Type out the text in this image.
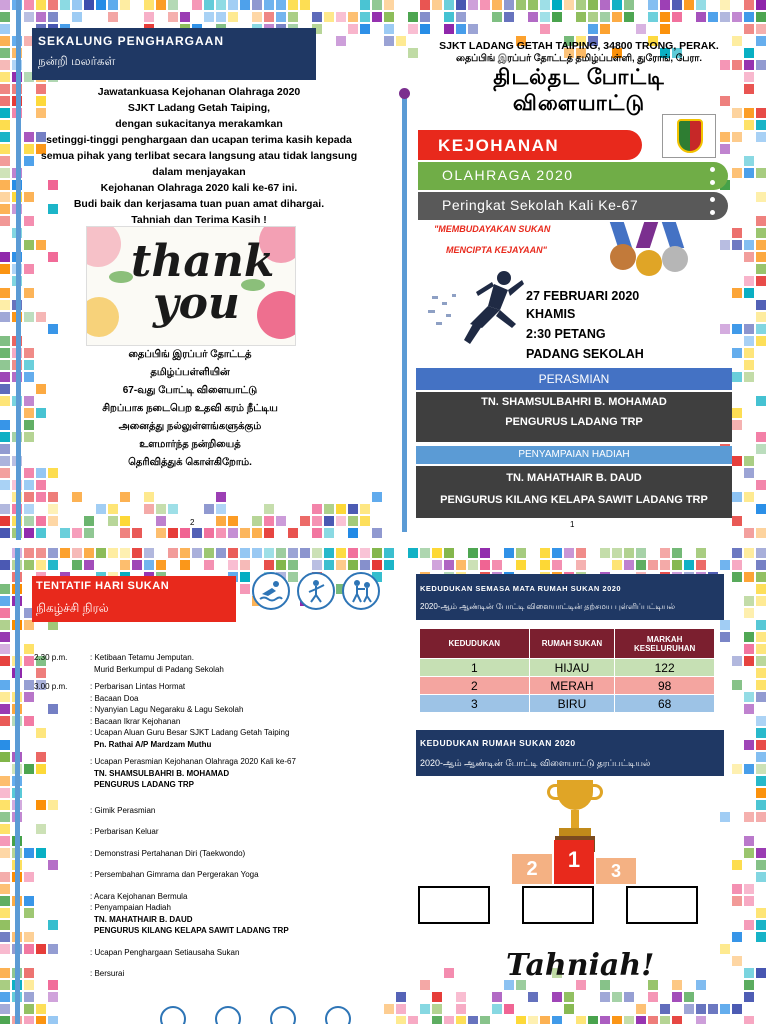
SEKALUNG PENGHARGAAN
நன்றி மலர்கள்
Jawatankuasa Kejohanan Olahraga 2020
SJKT Ladang Getah Taiping,
dengan sukacitanya merakamkan
setinggi-tinggi penghargaan dan ucapan terima kasih kepada
semua pihak yang terlibat secara langsung atau tidak langsung
dalam menjayakan
Kejohanan Olahraga 2020 kali ke-67 ini.
Budi baik dan kerjasama tuan puan amat dihargai.
Tahniah dan Terima Kasih !
thank
you
தைப்பிங் இரப்பர் தோட்டத் தமிழ்ப்பள்ளியின்
67-வது போட்டி விளையாட்டு
சிறப்பாக நடைபெற உதவி கரம் நீட்டிய
அனைத்து நல்லுள்ளங்களுக்கும்
உளமார்ந்த நன்றியைத்
தெரிவித்துக் கொள்கிறோம்.
2
SJKT LADANG GETAH TAIPING, 34800 TRONG, PERAK.
தைப்பிங் இரப்பர் தோட்டத் தமிழ்ப்பள்ளி, துரோங், பேரா.
திடல்தட போட்டி
விளையாட்டு
KEJOHANAN
OLAHRAGA 2020
Peringkat Sekolah Kali Ke-67
"MEMBUDAYAKAN SUKAN
MENCIPTA KEJAYAAN"
27 FEBRUARI 2020
KHAMIS
2:30 PETANG
PADANG SEKOLAH
PERASMIAN
TN. SHAMSULBAHRI B. MOHAMAD
PENGURUS LADANG TRP
PENYAMPAIAN HADIAH
TN. MAHATHAIR B. DAUD
PENGURUS KILANG KELAPA SAWIT LADANG TRP
1
TENTATIF HARI SUKAN
நிகழ்ச்சி நிரல்
2.30 p.m.	: Ketibaan Tetamu Jemputan.
Murid Berkumpul di Padang Sekolah
3.00 p.m.	: Perbarisan Lintas Hormat
: Bacaan Doa
: Nyanyian Lagu Negaraku & Lagu Sekolah
: Bacaan Ikrar Kejohanan
: Ucapan Aluan Guru Besar SJKT Ladang Getah Taiping
Pn. Rathai A/P Mardzam Muthu
: Ucapan Perasmian Kejohanan Olahraga 2020 Kali ke-67
TN. SHAMSULBAHRI B. MOHAMAD
PENGURUS LADANG TRP
: Gimik Perasmian
: Perbarisan Keluar
: Demonstrasi Pertahanan Diri (Taekwondo)
: Persembahan Gimrama dan Pergerakan Yoga
: Acara Kejohanan Bermula
: Penyampaian Hadiah
TN. MAHATHAIR B. DAUD
PENGURUS KILANG KELAPA SAWIT LADANG TRP
: Ucapan Penghargaan Setiausaha Sukan
: Bersurai
KEDUDUKAN SEMASA MATA RUMAH SUKAN 2020
2020-ஆம் ஆண்டின் போட்டி விளையாட்டின் தற்சமய புள்ளிப்பட்டியல்
KEDUDUKAN	RUMAH SUKAN	MARKAH KESELURUHAN
1	HIJAU	122
2	MERAH	98
3	BIRU	68
KEDUDUKAN RUMAH SUKAN 2020
2020-ஆம் ஆண்டின் போட்டி விளையாட்டு தரப்பட்டியல்
2	1	3
Tahniah!
